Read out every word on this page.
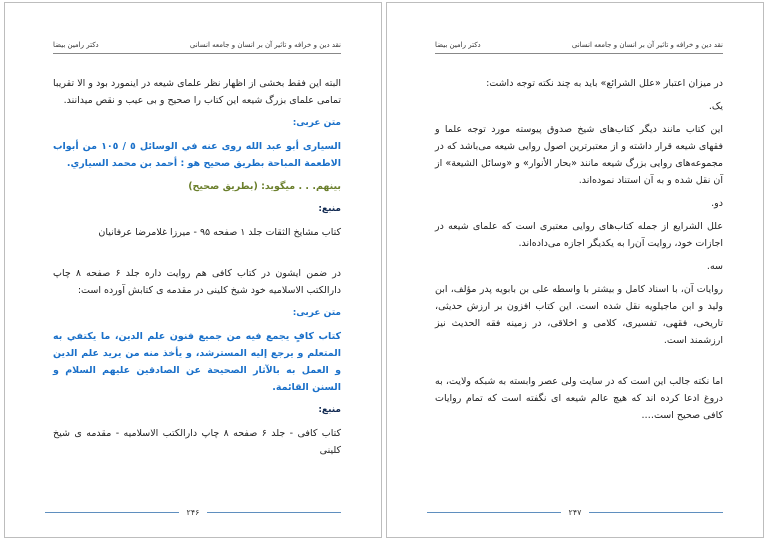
نقد دین و خرافه و تاثیر آن بر انسان و جامعه انسانی
دکتر رامین بیضا

البته این فقط بخشی از اظهار نظر علمای شیعه در اینمورد بود و الا تقریبا تمامی علمای بزرگ شیعه این کتاب را صحیح و بی عیب و نقص میدانند.

متن عربی:

السیاری أبو عبد الله روى عنه في الوسائل ٥ / ١٠٥ من أبواب الاطعمة المباحة بطريق صحيح هو : أحمد بن محمد السياري.

بينهم. . . ميگويد: (بطريق صحيح)

منبع:

کتاب مشایخ الثقات جلد ۱ صفحه ۹۵ - میرزا غلامرضا عرفانیان

در ضمن ایشون در کتاب کافی هم روایت داره جلد ۶ صفحه ۸ چاپ دارالکتب الاسلامیه خود شیخ کلینی در مقدمه ی کتابش آورده است:

متن عربی:

كتاب كافٍ يجمع فيه من جميع فنون علم الدين، ما يكتفي به المتعلم و يرجع إليه المسترشد، و يأخذ منه من يريد علم الدين و العمل به بالآثار الصحيحة عن الصادقين عليهم السلام و السنن القائمة.

منبع:

کتاب کافی - جلد ۶ صفحه ۸ چاپ دارالکتب الاسلامیه - مقدمه ی شیخ کلینی

۲۴۶
نقد دین و خرافه و تاثیر آن بر انسان و جامعه انسانی
دکتر رامین بیضا

در میزان اعتبار «علل الشرائع» باید به چند نکته توجه داشت:

یک.

این کتاب مانند دیگر کتاب‌های شیخ صدوق پیوسته مورد توجه علما و فقهای شیعه قرار داشته و از معتبرترین اصول روایی شیعه می‌باشد که در مجموعه‌های روایی بزرگ شیعه مانند «بحار الأنوار» و «وسائل الشیعة» از آن نقل شده و به آن استناد نموده‌اند.

دو.

علل الشرایع از جمله کتاب‌های روایی معتبری است که علمای شیعه در اجازات خود، روایت آن‌را به یکدیگر اجازه می‌داده‌اند.

سه.

روایات آن، با اسناد کامل و بیشتر با واسطه علی بن بابویه پدر مؤلف، ابن ولید و ابن ماجیلویه نقل شده است. این کتاب افزون بر ارزش حدیثی، تاریخی، فقهی، تفسیری، کلامی و اخلاقی، در زمینه فقه الحدیث نیز ارزشمند است.

اما نکته جالب این است که در سایت ولی عصر وابسته به شبکه ولایت، به دروغ ادعا کرده اند که هیچ عالم شیعه ای نگفته است که تمام روایات کافی صحیح است….

۲۴۷
